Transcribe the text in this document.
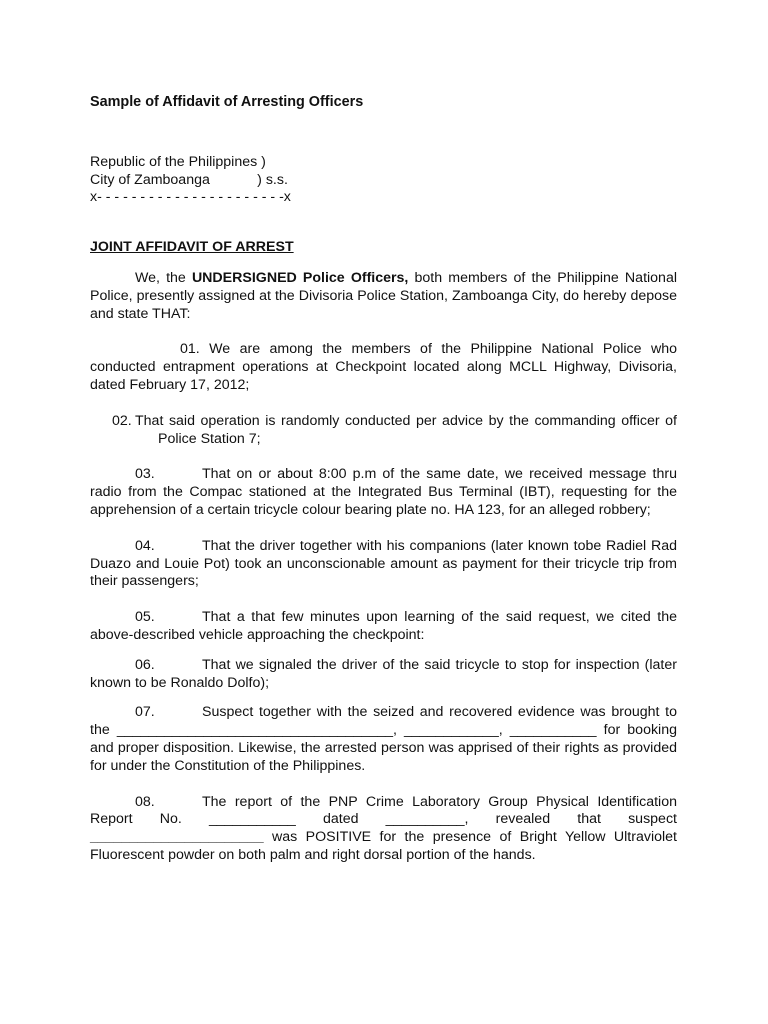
Sample of Affidavit of Arresting Officers
Republic of the Philippines )
City of Zamboanga            ) s.s.
x- - - - - - - - - - - - - - - - - - - - - -x
JOINT AFFIDAVIT OF ARREST
We, the UNDERSIGNED Police Officers, both members of the Philippine National Police, presently assigned at the Divisoria Police Station, Zamboanga City, do hereby depose and state THAT:
01. We are among the members of the Philippine National Police who conducted entrapment operations at Checkpoint located along MCLL Highway, Divisoria, dated February 17, 2012;
02. That said operation is randomly conducted per advice by the commanding officer of Police Station 7;
03.	That on or about 8:00 p.m of the same date, we received message thru radio from the Compac stationed at the Integrated Bus Terminal (IBT), requesting for the apprehension of a certain tricycle colour bearing plate no. HA 123, for an alleged robbery;
04.	That the driver together with his companions (later known tobe Radiel Rad Duazo and Louie Pot) took an unconscionable amount as payment for their tricycle trip from their passengers;
05.	That a that few minutes upon learning of the said request, we cited the above-described vehicle approaching the checkpoint:
06.	That we signaled the driver of the said tricycle to stop for inspection (later known to be Ronaldo Dolfo);
07.	Suspect together with the seized and recovered evidence was brought to the ___________________________________, ____________, ___________ for booking and proper disposition. Likewise, the arrested person was apprised of their rights as provided for under the Constitution of the Philippines.
08.	The report of the PNP Crime Laboratory Group Physical Identification Report No. ___________ dated __________, revealed that suspect ______________________ was POSITIVE for the presence of Bright Yellow Ultraviolet Fluorescent powder on both palm and right dorsal portion of the hands.
